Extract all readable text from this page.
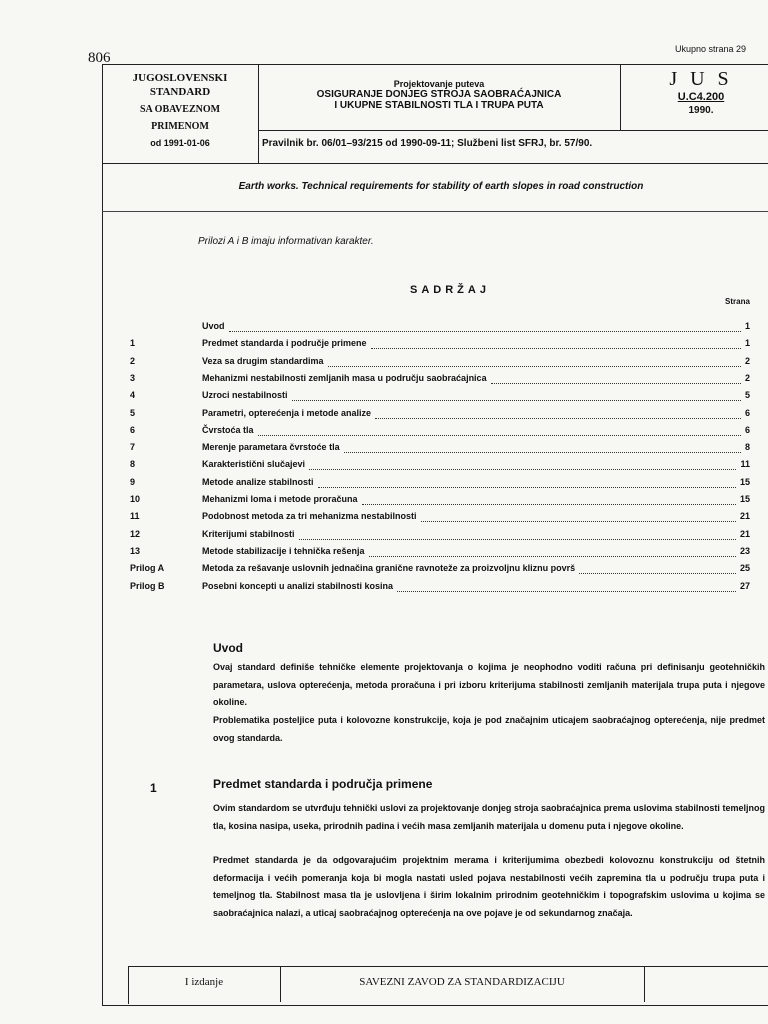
806
Ukupno strana 29
JUGOSLOVENSKI
STANDARD
SA OBAVEZNOM
PRIMENOM
od 1991-01-06
Projektovanje puteva
OSIGURANJE DONJEG STROJA SAOBRAĆAJNICA
I UKUPNE STABILNOSTI TLA I TRUPA PUTA
J U S
U.C4.200
1990.
Pravilnik br. 06/01–93/215 od 1990-09-11; Službeni list SFRJ, br. 57/90.
Earth works. Technical requirements for stability of earth slopes in road construction
Prilozi A i B imaju informativan karakter.
SADRŽAJ
Strana
Uvod	1
1	Predmet standarda i područje primene	1
2	Veza sa drugim standardima	2
3	Mehanizmi nestabilnosti zemljanih masa u području saobraćajnica	2
4	Uzroci nestabilnosti	5
5	Parametri, opterećenja i metode analize	6
6	Čvrstoća tla	6
7	Merenje parametara čvrstoće tla	8
8	Karakteristični slučajevi	11
9	Metode analize stabilnosti	15
10	Mehanizmi loma i metode proračuna	15
11	Podobnost metoda za tri mehanizma nestabilnosti	21
12	Kriterijumi stabilnosti	21
13	Metode stabilizacije i tehnička rešenja	23
Prilog A	Metoda za rešavanje uslovnih jednačina granične ravnoteže za proizvoljnu kliznu površ	25
Prilog B	Posebni koncepti u analizi stabilnosti kosina	27
Uvod
Ovaj standard definiše tehničke elemente projektovanja o kojima je neophodno voditi računa pri definisanju geotehničkih parametara, uslova opterećenja, metoda proračuna i pri izboru kriterijuma stabilnosti zemljanih materijala trupa puta i njegove okoline.
Problematika posteljice puta i kolovozne konstrukcije, koja je pod značajnim uticajem saobraćajnog opterećenja, nije predmet ovog standarda.
1	Predmet standarda i područja primene
Ovim standardom se utvrđuju tehnički uslovi za projektovanje donjeg stroja saobraćajnica prema uslovima stabilnosti temeljnog tla, kosina nasipa, useka, prirodnih padina i većih masa zemljanih materijala u domenu puta i njegove okoline.
Predmet standarda je da odgovarajućim projektnim merama i kriterijumima obezbedi kolovoznu konstrukciju od štetnih deformacija i većih pomeranja koja bi mogla nastati usled pojava nestabilnosti većih zapremina tla u području trupa puta i temeljnog tla. Stabilnost masa tla je uslovljena i širim lokalnim prirodnim geotehničkim i topografskim uslovima u kojima se saobraćajnica nalazi, a uticaj saobraćajnog opterećenja na ove pojave je od sekundarnog značaja.
I izdanje	SAVEZNI ZAVOD ZA STANDARDIZACIJU
